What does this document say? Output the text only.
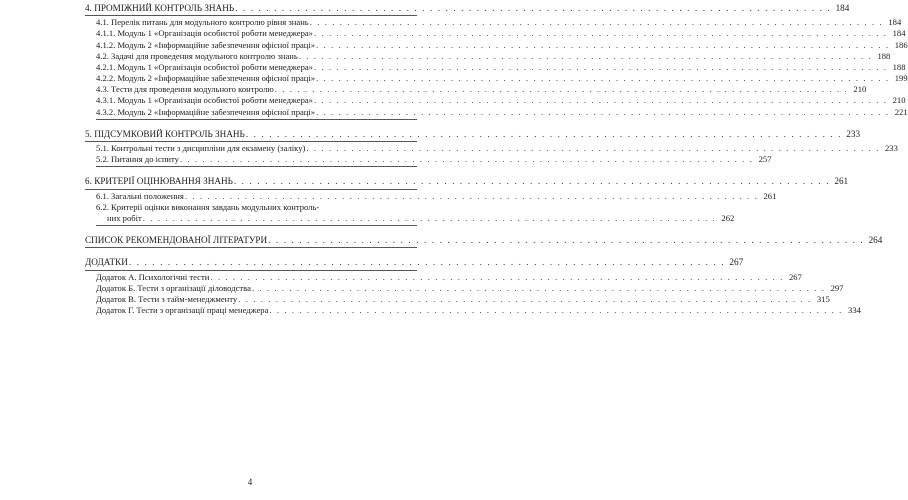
4. ПРОМІЖНИЙ КОНТРОЛЬ ЗНАНЬ . . .	184
4.1. Перелік питань для модульного контролю рівня знань . . .	184
4.1.1. Модуль 1 «Організація особистої роботи менеджера» . . .	184
4.1.2. Модуль 2 «Інформаційне забезпечення офісної праці» . . .	186
4.2. Задачі для проведення модульного контролю знань . . .	188
4.2.1. Модуль 1 «Організація особистої роботи менеджера» . . .	188
4.2.2. Модуль 2 «Інформаційне забезпечення офісної праці» . . .	199
4.3. Тести для проведення модульного контролю . . .	210
4.3.1. Модуль 1 «Організація особистої роботи менеджера» . . .	210
4.3.2. Модуль 2 «Інформаційне забезпечення офісної праці» . . .	221
5. ПІДСУМКОВИЙ КОНТРОЛЬ ЗНАНЬ . . .	233
5.1. Контрольні тести з дисципліни для екзамену (заліку) . . .	233
5.2. Питання до іспиту . . .	257
6. КРИТЕРІЇ ОЦІНЮВАННЯ ЗНАНЬ . . .	261
6.1. Загальні положення . . .	261
6.2. Критерії оцінки виконання завдань модульних контроль-
них робіт . . .	262
СПИСОК РЕКОМЕНДОВАНОЇ ЛІТЕРАТУРИ . . .	264
ДОДАТКИ . . .	267
Додаток А. Психологічні тести . . .	267
Додаток Б. Тести з організації діловодства . . .	297
Додаток В. Тести з тайм-менеджменту . . .	315
Додаток Г. Тести з організації праці менеджера . . .	334
4
